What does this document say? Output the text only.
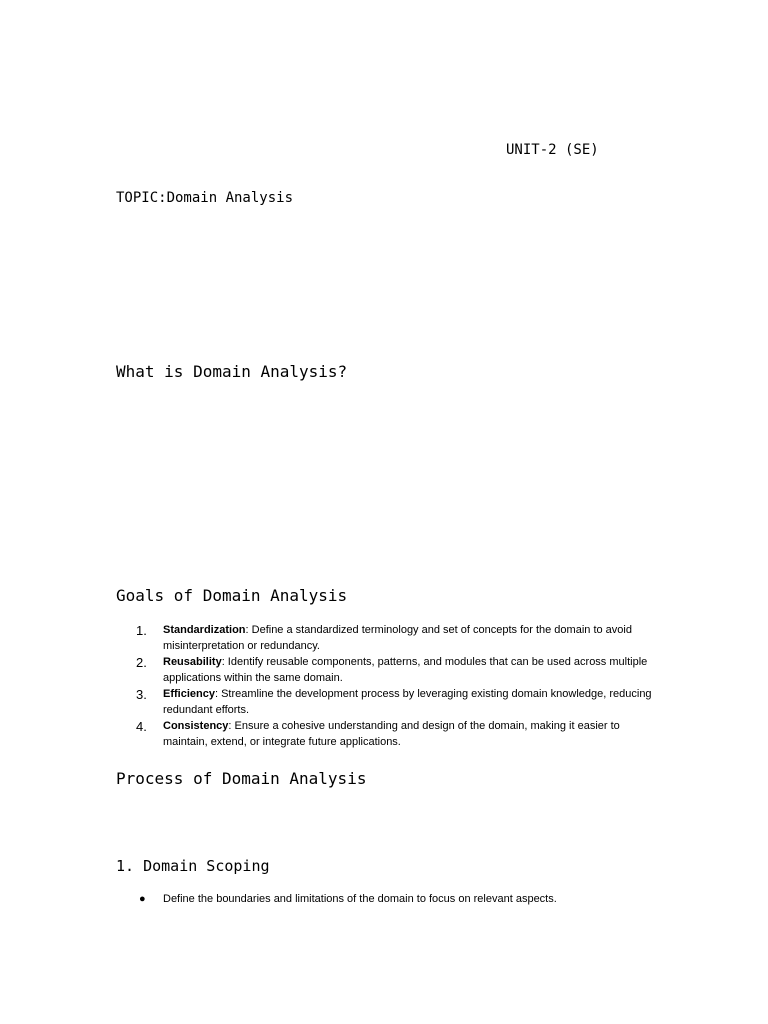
UNIT-2 (SE)

TOPIC:Domain Analysis

What is Domain Analysis?
Goals of Domain Analysis
1.	Standardization: Define a standardized terminology and set of concepts for the domain to avoid misinterpretation or redundancy.
2.	Reusability: Identify reusable components, patterns, and modules that can be used across multiple applications within the same domain.
3.	Efficiency: Streamline the development process by leveraging existing domain knowledge, reducing redundant efforts.
4.	Consistency: Ensure a cohesive understanding and design of the domain, making it easier to maintain, extend, or integrate future applications.
Process of Domain Analysis
1. Domain Scoping
●	Define the boundaries and limitations of the domain to focus on relevant aspects.
